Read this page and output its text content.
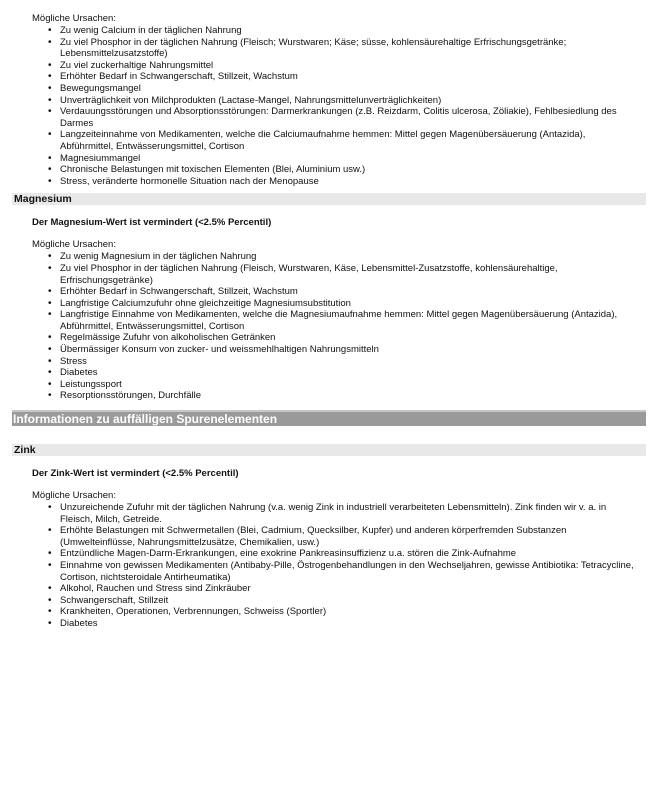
Mögliche Ursachen:
• Zu wenig Calcium in der täglichen Nahrung
• Zu viel Phosphor in der täglichen Nahrung (Fleisch; Wurstwaren; Käse; süsse, kohlensäurehaltige Erfrischungsgetränke; Lebensmittelzusatzstoffe)
• Zu viel zuckerhaltige Nahrungsmittel
• Erhöhter Bedarf in Schwangerschaft, Stillzeit, Wachstum
• Bewegungsmangel
• Unverträglichkeit von Milchprodukten (Lactase-Mangel, Nahrungsmittelunverträglichkeiten)
• Verdauungsstörungen und Absorptionsstörungen: Darmerkrankungen (z.B. Reizdarm, Colitis ulcerosa, Zöliakie), Fehlbesiedlung des Darmes
• Langzeiteinnahme von Medikamenten, welche die Calciumaufnahme hemmen: Mittel gegen Magenübersäuerung (Antazida), Abführmittel, Entwässerungsmittel, Cortison
• Magnesiummangel
• Chronische Belastungen mit toxischen Elementen (Blei, Aluminium usw.)
• Stress, veränderte hormonelle Situation nach der Menopause
Magnesium
Der Magnesium-Wert ist vermindert (<2.5% Percentil)
Mögliche Ursachen:
• Zu wenig Magnesium in der täglichen Nahrung
• Zu viel Phosphor in der täglichen Nahrung (Fleisch, Wurstwaren, Käse, Lebensmittel-Zusatzstoffe, kohlensäurehaltige, Erfrischungsgetränke)
• Erhöhter Bedarf in Schwangerschaft, Stillzeit, Wachstum
• Langfristige Calciumzufuhr ohne gleichzeitige Magnesiumsubstitution
• Langfristige Einnahme von Medikamenten, welche die Magnesiumaufnahme hemmen: Mittel gegen Magenübersäuerung (Antazida), Abführmittel, Entwässerungsmittel, Cortison
• Regelmässige Zufuhr von alkoholischen Getränken
• Übermässiger Konsum von zucker- und weissmehlhaltigen Nahrungsmitteln
• Stress
• Diabetes
• Leistungssport
• Resorptionsstörungen, Durchfälle
Informationen zu auffälligen Spurenelementen
Zink
Der Zink-Wert ist vermindert (<2.5% Percentil)
Mögliche Ursachen:
• Unzureichende Zufuhr mit der täglichen Nahrung (v.a. wenig Zink in industriell verarbeiteten Lebensmitteln). Zink finden wir v. a. in Fleisch, Milch, Getreide.
• Erhöhte Belastungen mit Schwermetallen (Blei, Cadmium, Quecksilber, Kupfer) und anderen körperfremden Substanzen (Umwelteinflüsse, Nahrungsmittelzusätze, Chemikalien, usw.)
• Entzündliche Magen-Darm-Erkrankungen, eine exokrine Pankreasinsuffizienz u.a. stören die Zink-Aufnahme
• Einnahme von gewissen Medikamenten (Antibaby-Pille, Östrogenbehandlungen in den Wechseljahren, gewisse Antibiotika: Tetracycline, Cortison, nichtsteroidale Antirheumatika)
• Alkohol, Rauchen und Stress sind Zinkräuber
• Schwangerschaft, Stillzeit
• Krankheiten, Operationen, Verbrennungen, Schweiss (Sportler)
• Diabetes
